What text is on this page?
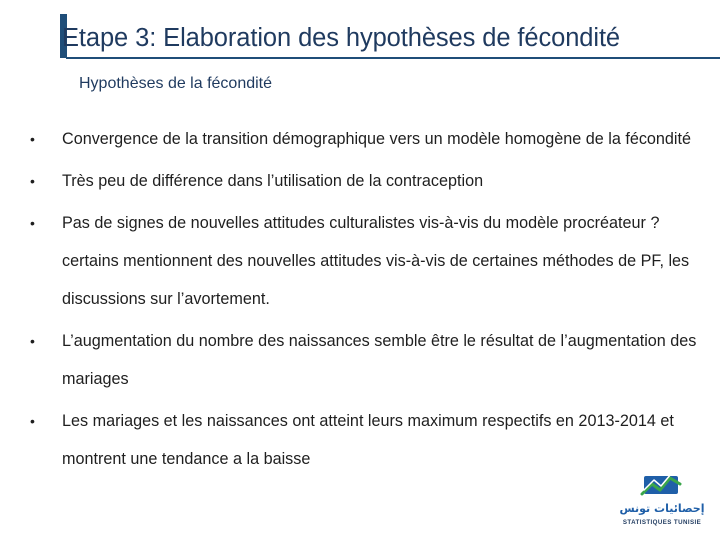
Etape 3: Elaboration des hypothèses de fécondité
Hypothèses de la fécondité
•	Convergence de la transition démographique vers un modèle homogène de la fécondité
•	Très peu de différence dans l’utilisation de la contraception
•	Pas de signes de nouvelles attitudes culturalistes vis-à-vis du modèle procréateur ? certains mentionnent des nouvelles attitudes vis-à-vis de certaines méthodes de PF, les discussions sur l’avortement.
•	L’augmentation du nombre des naissances semble être le résultat de l’augmentation des mariages
•	Les mariages et les naissances ont atteint leurs maximum respectifs en 2013-2014 et montrent une tendance a la baisse
إحصائيات تونس
STATISTIQUES TUNISIE
